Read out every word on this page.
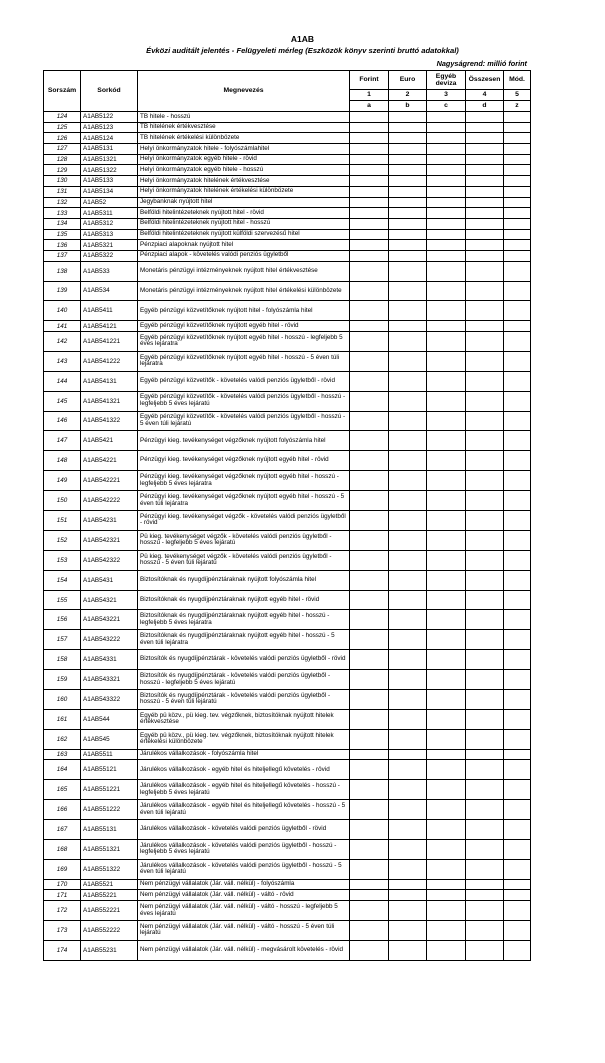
A1AB
Évközi auditált jelentés - Felügyeleti mérleg (Eszközök könyv szerinti bruttó adatokkal)
Nagyságrend: millió forint
Sorszám	Sorkód	Megnevezés	Forint	Euro	Egyéb deviza	Összesen	Mód.
			1	2	3	4	5
			a	b	c	d	z
124	A1AB5122	TB hitele - hosszú					
125	A1AB5123	TB hitelének értékvesztése					
126	A1AB5124	TB hitelének értékelési különbözete					
127	A1AB5131	Helyi önkormányzatok hitele - folyószámlahitel					
128	A1AB51321	Helyi önkormányzatok egyéb hitele - rövid					
129	A1AB51322	Helyi önkormányzatok egyéb hitele - hosszú					
130	A1AB5133	Helyi önkormányzatok hitelének értékvesztése					
131	A1AB5134	Helyi önkormányzatok hitelének értékelési különbözete					
132	A1AB52	Jegybanknak nyújtott hitel					
133	A1AB5311	Belföldi hitelintézeteknek nyújtott hitel - rövid					
134	A1AB5312	Belföldi hitelintézeteknek nyújtott hitel - hosszú					
135	A1AB5313	Belföldi hitelintézeteknek nyújtott külföldi szervezésű hitel					
136	A1AB5321	Pénzpiaci alapoknak nyújtott hitel					
137	A1AB5322	Pénzpiaci alapok - követelés valódi penziós ügyletből					
138	A1AB533	Monetáris pénzügyi intézményeknek nyújtott hitel értékvesztése					
139	A1AB534	Monetáris pénzügyi intézményeknek nyújtott hitel értékelési különbözete					
140	A1AB5411	Egyéb pénzügyi közvetítőknek nyújtott hitel - folyószámla hitel					
141	A1AB54121	Egyéb pénzügyi közvetítőknek nyújtott egyéb hitel - rövid					
142	A1AB541221	Egyéb pénzügyi közvetítőknek nyújtott egyéb hitel - hosszú - legfeljebb 5 éves lejáratra					
143	A1AB541222	Egyéb pénzügyi közvetítőknek nyújtott egyéb hitel - hosszú - 5 éven túli lejáratra					
144	A1AB54131	Egyéb pénzügyi közvetítők - követelés valódi penziós ügyletből - rövid					
145	A1AB541321	Egyéb pénzügyi közvetítők - követelés valódi penziós ügyletből - hosszú - legfeljebb 5 éves lejáratú					
146	A1AB541322	Egyéb pénzügyi közvetítők - követelés valódi penziós ügyletből - hosszú - 5 éven túli lejáratú					
147	A1AB5421	Pénzügyi kieg. tevékenységet végzőknek nyújtott folyószámla hitel					
148	A1AB54221	Pénzügyi kieg. tevékenységet végzőknek nyújtott egyéb hitel - rövid					
149	A1AB542221	Pénzügyi kieg. tevékenységet végzőknek nyújtott egyéb hitel - hosszú - legfeljebb 5 éves lejáratra					
150	A1AB542222	Pénzügyi kieg. tevékenységet végzőknek nyújtott egyéb hitel - hosszú - 5 éven túli lejáratra					
151	A1AB54231	Pénzügyi kieg. tevékenységet végzők - követelés valódi penziós ügyletből - rövid					
152	A1AB542321	Pü kieg. tevékenységet végzők - követelés valódi penziós ügyletből - hosszú - legfeljebb 5 éves lejáratú					
153	A1AB542322	Pü kieg. tevékenységet végzők - követelés valódi penziós ügyletből - hosszú - 5 éven túli lejáratú					
154	A1AB5431	Biztosítóknak és nyugdíjpénztáraknak nyújtott folyószámla hitel					
155	A1AB54321	Biztosítóknak és nyugdíjpénztáraknak nyújtott egyéb hitel - rövid					
156	A1AB543221	Biztosítóknak és nyugdíjpénztáraknak nyújtott egyéb hitel - hosszú - legfeljebb 5 éves lejáratra					
157	A1AB543222	Biztosítóknak és nyugdíjpénztáraknak nyújtott egyéb hitel - hosszú - 5 éven túli lejáratra					
158	A1AB54331	Biztosítók és nyugdíjpénztárak - követelés valódi penziós ügyletből - rövid					
159	A1AB543321	Biztosítók és nyugdíjpénztárak - követelés valódi penziós ügyletből - hosszú - legfeljebb 5 éves lejáratú					
160	A1AB543322	Biztosítók és nyugdíjpénztárak - követelés valódi penziós ügyletből - hosszú - 5 éven túli lejáratú					
161	A1AB544	Egyéb pü közv., pü kieg. tev. végzőknek, biztosítóknak nyújtott hitelek értékvesztése					
162	A1AB545	Egyéb pü közv., pü kieg. tev. végzőknek, biztosítóknak nyújtott hitelek értékelési különbözete					
163	A1AB5511	Járulékos vállalkozások - folyószámla hitel					
164	A1AB55121	Járulékos vállalkozások - egyéb hitel és hiteljellegű követelés - rövid					
165	A1AB551221	Járulékos vállalkozások - egyéb hitel és hiteljellegű követelés - hosszú - legfeljebb 5 éves lejáratú					
166	A1AB551222	Járulékos vállalkozások - egyéb hitel és hiteljellegű követelés - hosszú - 5 éven túli lejáratú					
167	A1AB55131	Járulékos vállalkozások - követelés valódi penziós ügyletből - rövid					
168	A1AB551321	Járulékos vállalkozások - követelés valódi penziós ügyletből - hosszú - legfeljebb 5 éves lejáratú					
169	A1AB551322	Járulékos vállalkozások - követelés valódi penziós ügyletből - hosszú - 5 éven túli lejáratú					
170	A1AB5521	Nem pénzügyi vállalatok (Jár. váll. nélkül) - folyószámla					
171	A1AB55221	Nem pénzügyi vállalatok (Jár. váll. nélkül) - váltó - rövid					
172	A1AB552221	Nem pénzügyi vállalatok (Jár. váll. nélkül) - váltó - hosszú - legfeljebb 5 éves lejáratú					
173	A1AB552222	Nem pénzügyi vállalatok (Jár. váll. nélkül) - váltó - hosszú - 5 éven túli lejáratú					
174	A1AB55231	Nem pénzügyi vállalatok (Jár. váll. nélkül) - megvásárolt követelés - rövid					
